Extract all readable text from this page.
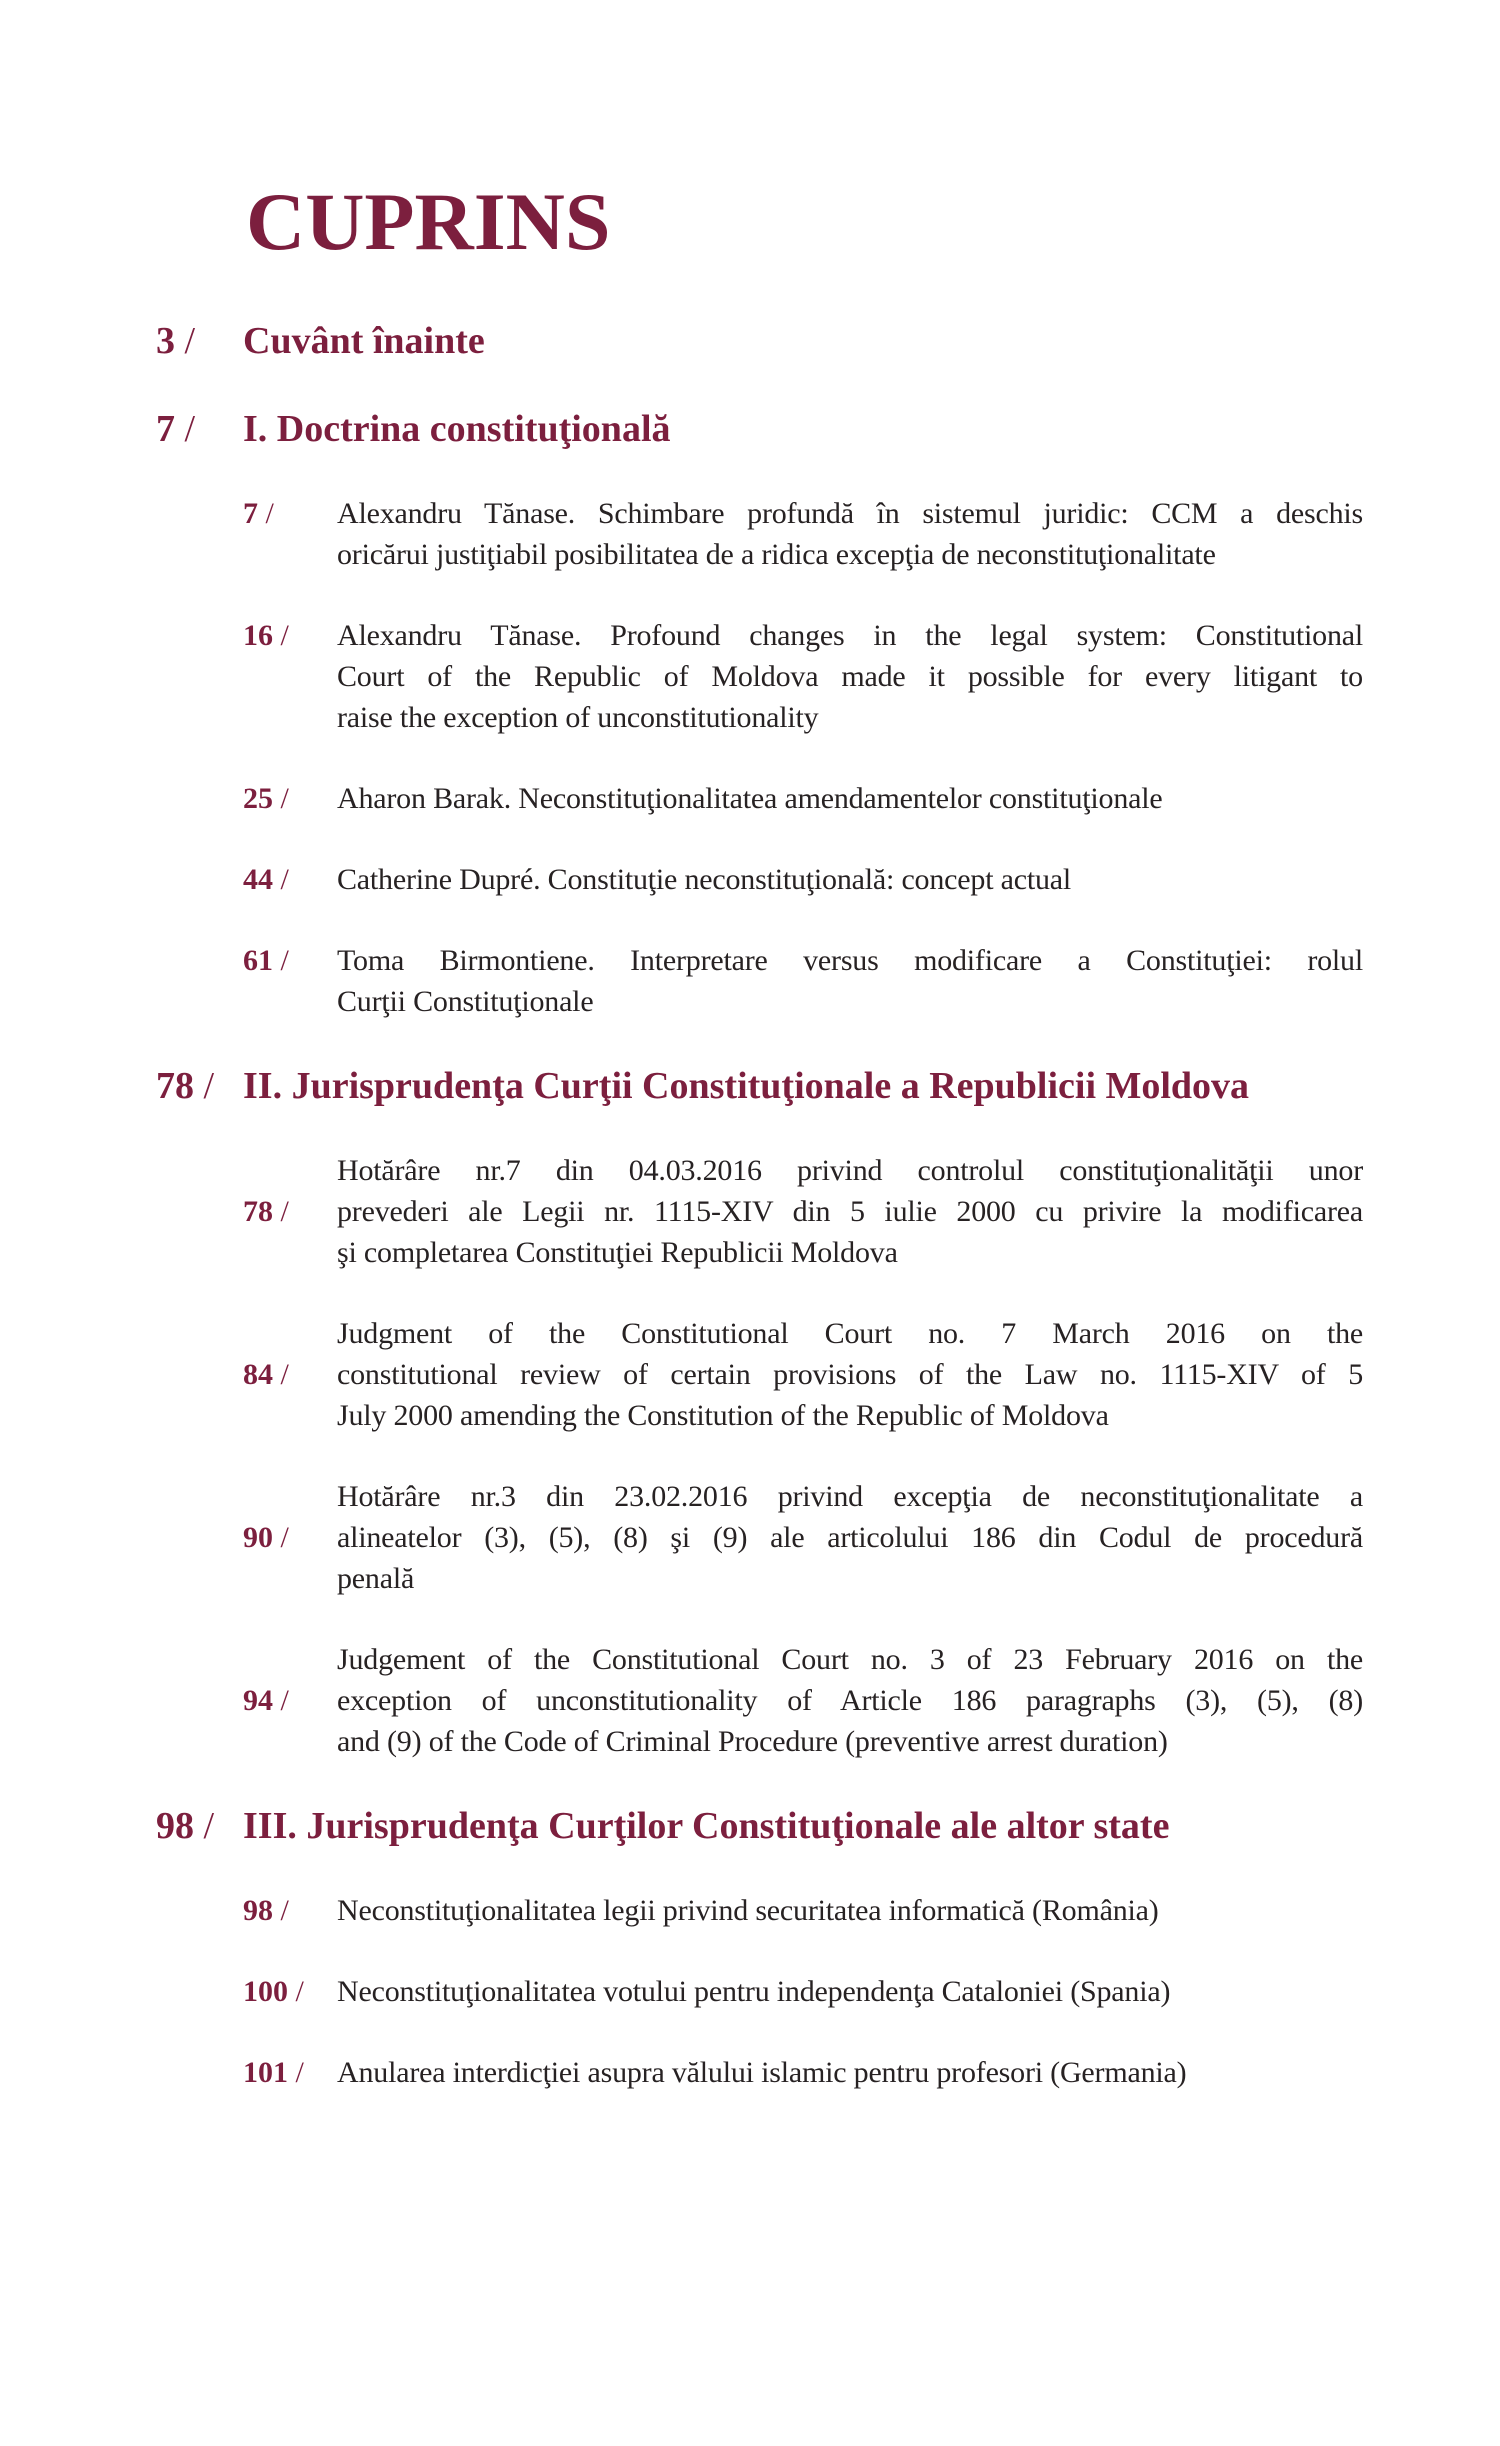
CUPRINS
3 /Cuvânt înainte
7 /I. Doctrina constituţională
7 / Alexandru Tănase. Schimbare profundă în sistemul juridic: CCM a deschis
oricărui justiţiabil posibilitatea de a ridica excepţia de neconstituţionalitate
16 / Alexandru Tănase. Profound changes in the legal system: Constitutional
Court of the Republic of Moldova made it possible for every litigant to
raise the exception of unconstitutionality
25 / Aharon Barak. Neconstituţionalitatea amendamentelor constituţionale
44 / Catherine Dupré. Constituţie neconstituţională: concept actual
61 / Toma Birmontiene. Interpretare versus modificare a Constituţiei: rolul
Curţii Constituţionale
78 /II. Jurisprudenţa Curţii Constituţionale a Republicii Moldova
78 /
Hotărâre nr.7 din 04.03.2016 privind controlul constituţionalităţii unor
prevederi ale Legii nr. 1115-XIV din 5 iulie 2000 cu privire la modificarea
şi completarea Constituţiei Republicii Moldova
84 /
Judgment of the Constitutional Court no. 7 March 2016 on the
constitutional review of certain provisions of the Law no. 1115-XIV of 5
July 2000 amending the Constitution of the Republic of Moldova
90 /
Hotărâre nr.3 din 23.02.2016 privind excepţia de neconstituţionalitate a
alineatelor (3), (5), (8) şi (9) ale articolului 186 din Codul de procedură
penală
94 /
Judgement of the Constitutional Court no. 3 of 23 February 2016 on the
exception of unconstitutionality of Article 186 paragraphs (3), (5), (8)
and (9) of the Code of Criminal Procedure (preventive arrest duration)
98 /III. Jurisprudenţa Curţilor Constituţionale ale altor state
98 / Neconstituţionalitatea legii privind securitatea informatică (România)
100 / Neconstituţionalitatea votului pentru independenţa Cataloniei (Spania)
101 / Anularea interdicţiei asupra vălului islamic pentru profesori (Germania)
